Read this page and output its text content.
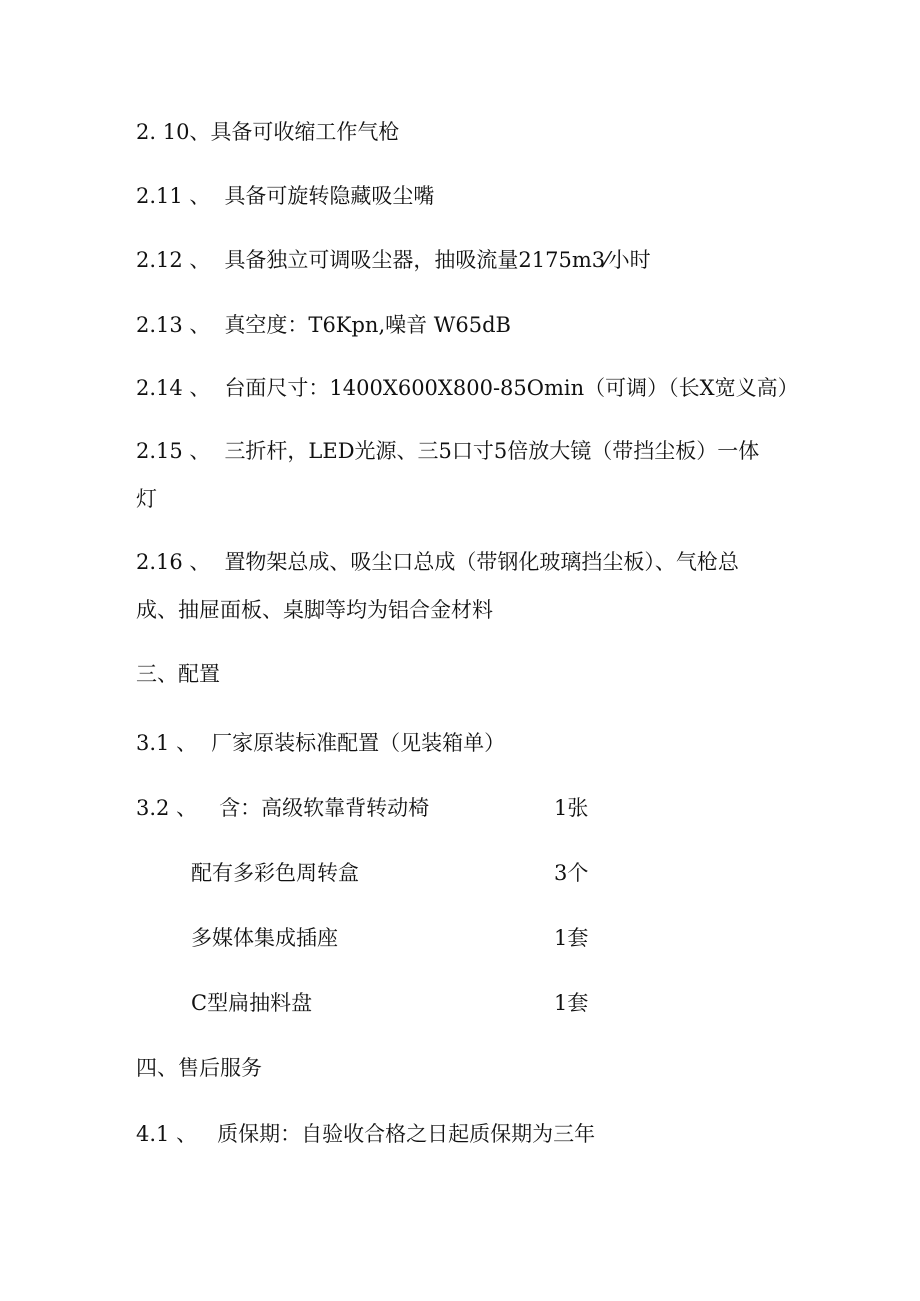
2. 10、具备可收缩工作气枪
2.11 、 具备可旋转隐藏吸尘嘴
2.12 、 具备独立可调吸尘器，抽吸流量2175m3⁄小时
2.13 、 真空度：T6Kpn,噪音 W65dB
2.14 、 台面尺寸：1400X600X800-85Omin（可调）（长X宽义高）
2.15 、 三折杆，LED光源、三5口寸5倍放大镜（带挡尘板）一体
灯
2.16 、 置物架总成、吸尘口总成（带钢化玻璃挡尘板）、气枪总
成、抽屉面板、桌脚等均为铝合金材料
三、配置
3.1 、 厂家原装标准配置（见装箱单）
3.2 、 含：高级软靠背转动椅	1张
配有多彩色周转盒	3个
多媒体集成插座	1套
C型扁抽料盘	1套
四、售后服务
4.1 、 质保期：自验收合格之日起质保期为三年
